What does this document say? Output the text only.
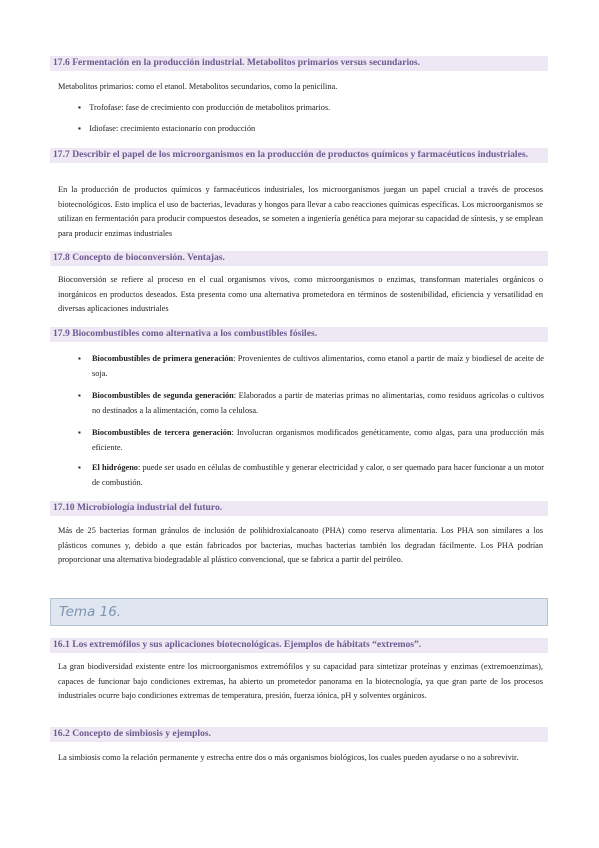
17.6 Fermentación en la producción industrial. Metabolitos primarios versus secundarios.
Metabolitos primarios: como el etanol. Metabolitos secundarios, como la penicilina.
▪ Trofofase: fase de crecimiento con producción de metabolitos primarios.
▪ Idiofase: crecimiento estacionario con producción
17.7 Describir el papel de los microorganismos en la producción de productos químicos y farmacéuticos industriales.
En la producción de productos químicos y farmacéuticos industriales, los microorganismos juegan un papel crucial a través de procesos biotecnológicos. Esto implica el uso de bacterias, levaduras y hongos para llevar a cabo reacciones químicas específicas. Los microorganismos se utilizan en fermentación para producir compuestos deseados, se someten a ingeniería genética para mejorar su capacidad de síntesis, y se emplean para producir enzimas industriales
17.8 Concepto de bioconversión. Ventajas.
Bioconversión se refiere al proceso en el cual organismos vivos, como microorganismos o enzimas, transforman materiales orgánicos o inorgánicos en productos deseados. Esta presenta como una alternativa prometedora en términos de sostenibilidad, eficiencia y versatilidad en diversas aplicaciones industriales
17.9 Biocombustibles como alternativa a los combustibles fósiles.
▪ Biocombustibles de primera generación: Provenientes de cultivos alimentarios, como etanol a partir de maíz y biodiesel de aceite de soja.
▪ Biocombustibles de segunda generación: Elaborados a partir de materias primas no alimentarias, como residuos agrícolas o cultivos no destinados a la alimentación, como la celulosa.
▪ Biocombustibles de tercera generación: Involucran organismos modificados genéticamente, como algas, para una producción más eficiente.
▪ El hidrógeno: puede ser usado en células de combustible y generar electricidad y calor, o ser quemado para hacer funcionar a un motor de combustión.
17.10 Microbiología industrial del futuro.
Más de 25 bacterias forman gránulos de inclusión de polihidroxialcanoato (PHA) como reserva alimentaria. Los PHA son similares a los plásticos comunes y, debido a que están fabricados por bacterias, muchas bacterias también los degradan fácilmente. Los PHA podrían proporcionar una alternativa biodegradable al plástico convencional, que se fabrica a partir del petróleo.
Tema 16.
16.1 Los extremófilos y sus aplicaciones biotecnológicas. Ejemplos de hábitats “extremos”.
La gran biodiversidad existente entre los microorganismos extremófilos y su capacidad para sintetizar proteínas y enzimas (extremoenzimas), capaces de funcionar bajo condiciones extremas, ha abierto un prometedor panorama en la biotecnología, ya que gran parte de los procesos industriales ocurre bajo condiciones extremas de temperatura, presión, fuerza iónica, pH y solventes orgánicos.
16.2 Concepto de simbiosis y ejemplos.
La simbiosis como la relación permanente y estrecha entre dos o más organismos biológicos, los cuales pueden ayudarse o no a sobrevivir.
